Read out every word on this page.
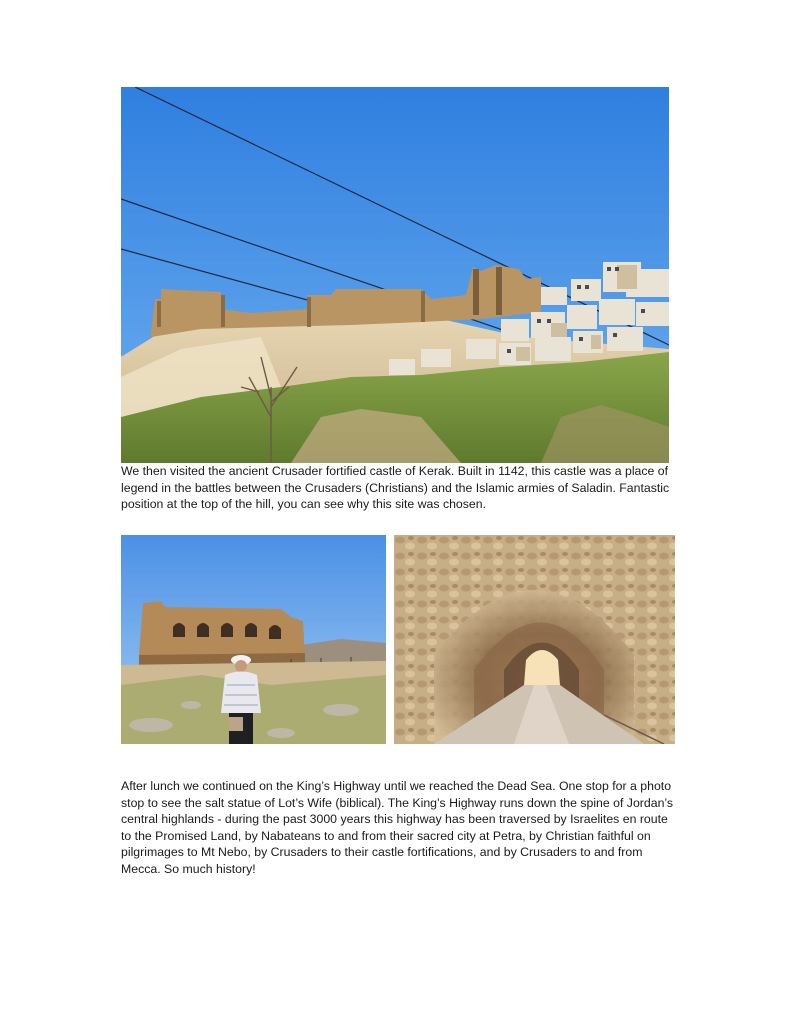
We then visited the ancient Crusader fortified castle of Kerak. Built in 1142, this castle was a place of legend in the battles between the Crusaders (Christians) and the Islamic armies of Saladin. Fantastic position at the top of the hill, you can see why this site was chosen.

After lunch we continued on the King’s Highway until we reached the Dead Sea. One stop for a photo stop to see the salt statue of Lot’s Wife (biblical). The King’s Highway runs down the spine of Jordan’s central highlands - during the past 3000 years this highway has been traversed by Israelites en route to the Promised Land, by Nabateans to and from their sacred city at Petra, by Christian faithful on pilgrimages to Mt Nebo, by Crusaders to their castle fortifications, and by Crusaders to and from Mecca. So much history!
